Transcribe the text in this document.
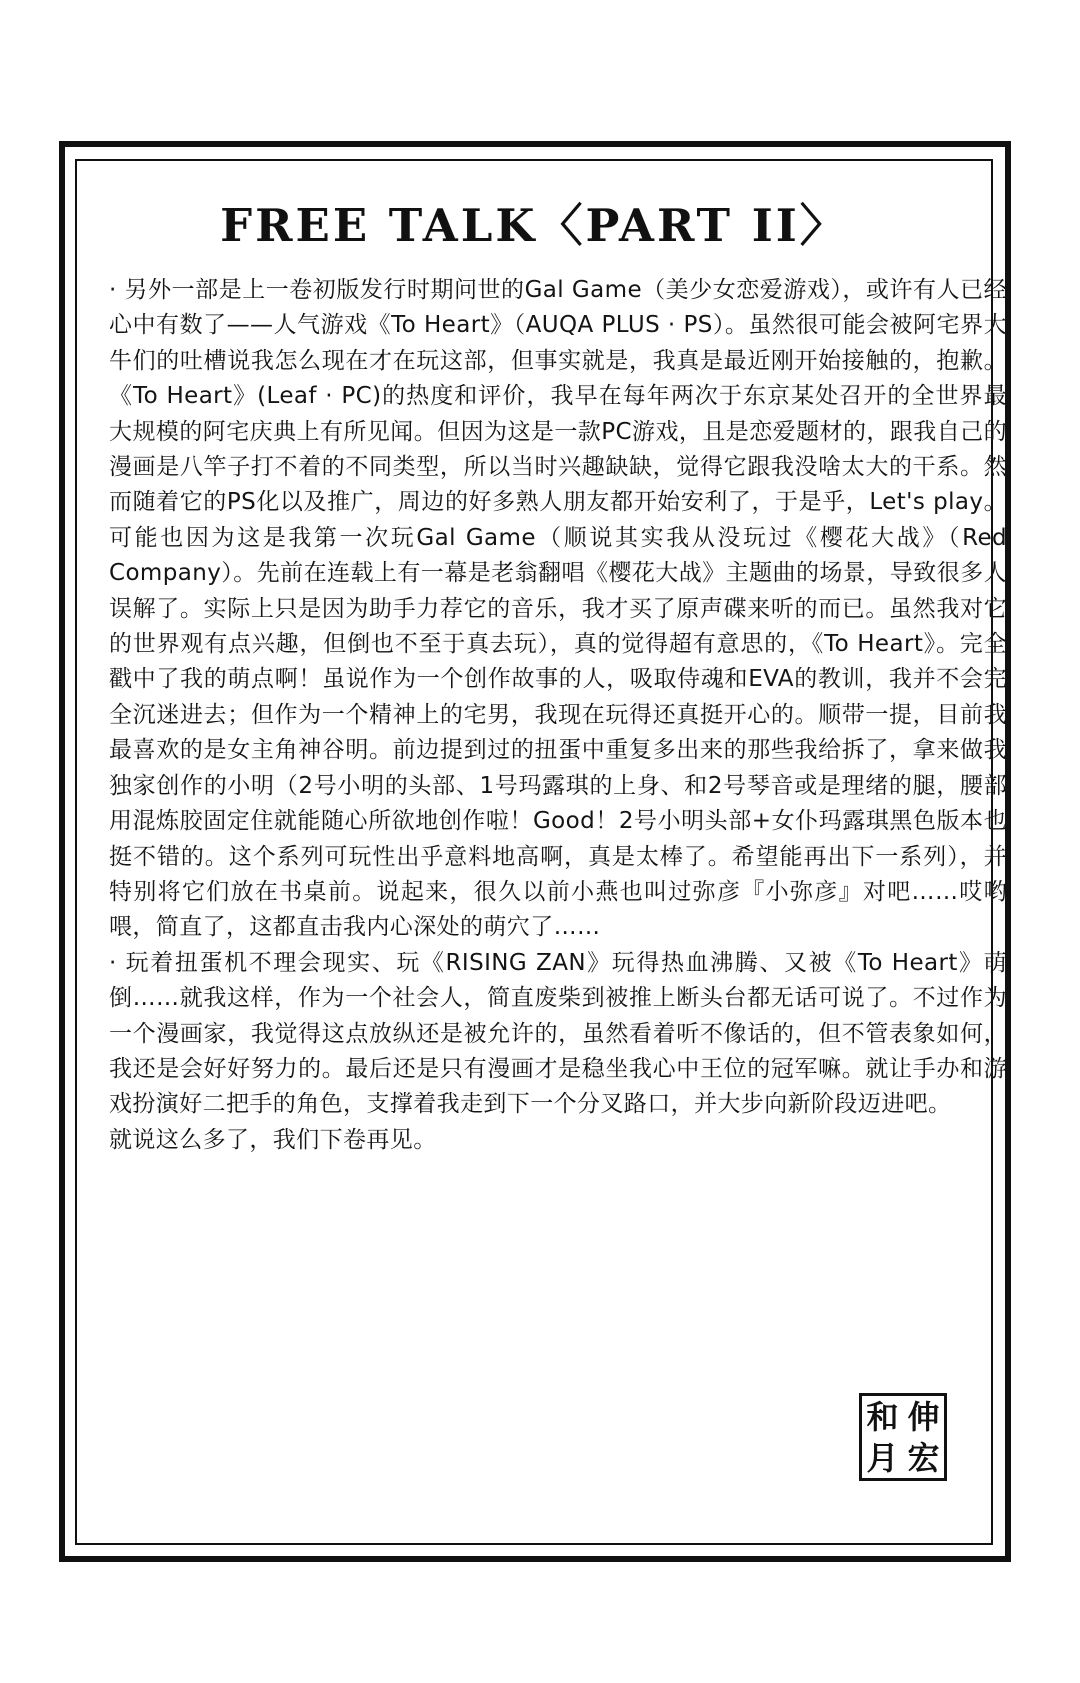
FREE TALK〈PART II〉

· 另外一部是上一卷初版发行时期问世的Gal Game（美少女恋爱游戏），或许有人已经心中有数了——人气游戏《To Heart》（AUQA PLUS · PS）。虽然很可能会被阿宅界大牛们的吐槽说我怎么现在才在玩这部，但事实就是，我真是最近刚开始接触的，抱歉。《To Heart》(Leaf · PC)的热度和评价，我早在每年两次于东京某处召开的全世界最大规模的阿宅庆典上有所见闻。但因为这是一款PC游戏，且是恋爱题材的，跟我自己的漫画是八竿子打不着的不同类型，所以当时兴趣缺缺，觉得它跟我没啥太大的干系。然而随着它的PS化以及推广，周边的好多熟人朋友都开始安利了，于是乎，Let's play。可能也因为这是我第一次玩Gal Game（顺说其实我从没玩过《樱花大战》（Red Company）。先前在连载上有一幕是老翁翻唱《樱花大战》主题曲的场景，导致很多人误解了。实际上只是因为助手力荐它的音乐，我才买了原声碟来听的而已。虽然我对它的世界观有点兴趣，但倒也不至于真去玩），真的觉得超有意思的，《To Heart》。完全戳中了我的萌点啊！虽说作为一个创作故事的人，吸取侍魂和EVA的教训，我并不会完全沉迷进去；但作为一个精神上的宅男，我现在玩得还真挺开心的。顺带一提，目前我最喜欢的是女主角神谷明。前边提到过的扭蛋中重复多出来的那些我给拆了，拿来做我独家创作的小明（2号小明的头部、1号玛露琪的上身、和2号琴音或是理绪的腿，腰部用混炼胶固定住就能随心所欲地创作啦！Good！2号小明头部+女仆玛露琪黑色版本也挺不错的。这个系列可玩性出乎意料地高啊，真是太棒了。希望能再出下一系列），并特别将它们放在书桌前。说起来，很久以前小燕也叫过弥彦『小弥彦』对吧……哎哟喂，简直了，这都直击我内心深处的萌穴了……

· 玩着扭蛋机不理会现实、玩《RISING ZAN》玩得热血沸腾、又被《To Heart》萌倒……就我这样，作为一个社会人，简直废柴到被推上断头台都无话可说了。不过作为一个漫画家，我觉得这点放纵还是被允许的，虽然看着听不像话的，但不管表象如何，我还是会好好努力的。最后还是只有漫画才是稳坐我心中王位的冠军嘛。就让手办和游戏扮演好二把手的角色，支撑着我走到下一个分叉路口，并大步向新阶段迈进吧。

就说这么多了，我们下卷再见。

和 伸
月 宏
